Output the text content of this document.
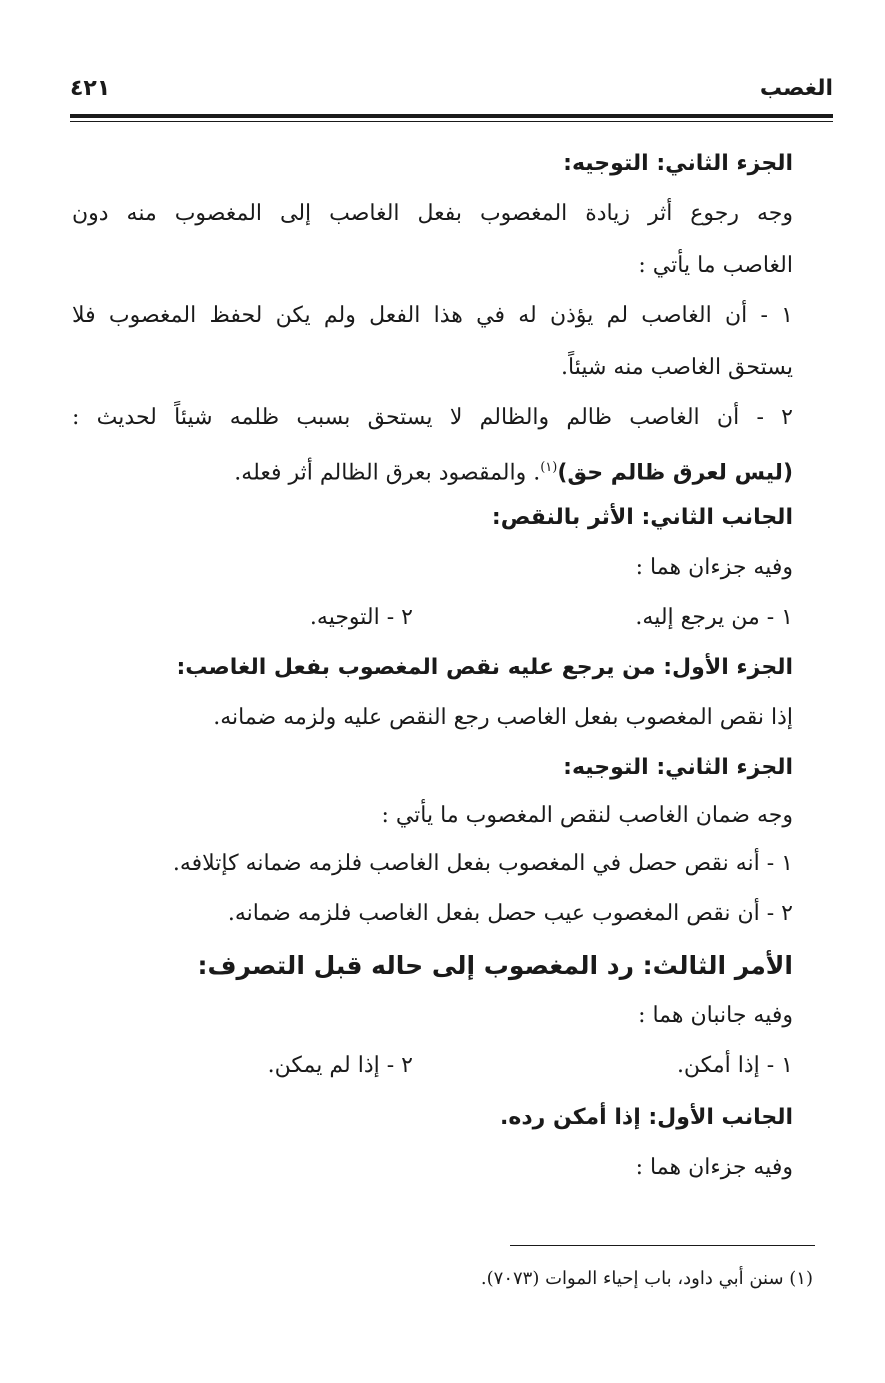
الغصب
٤٢١
الجزء الثاني: التوجيه:
وجه رجوع أثر زيادة المغصوب بفعل الغاصب إلى المغصوب منه دون
الغاصب ما يأتي :
١ - أن الغاصب لم يؤذن له في هذا الفعل ولم يكن لحفظ المغصوب فلا
يستحق الغاصب منه شيئاً.
٢ - أن الغاصب ظالم والظالم لا يستحق بسبب ظلمه شيئاً لحديث :
(ليس لعرق ظالم حق)$^{(١)}$. والمقصود بعرق الظالم أثر فعله.
الجانب الثاني: الأثر بالنقص:
وفيه جزءان هما :
١ - من يرجع إليه.
٢ - التوجيه.
الجزء الأول: من يرجع عليه نقص المغصوب بفعل الغاصب:
إذا نقص المغصوب بفعل الغاصب رجع النقص عليه ولزمه ضمانه.
الجزء الثاني: التوجيه:
وجه ضمان الغاصب لنقص المغصوب ما يأتي :
١ - أنه نقص حصل في المغصوب بفعل الغاصب فلزمه ضمانه كإتلافه.
٢ - أن نقص المغصوب عيب حصل بفعل الغاصب فلزمه ضمانه.
الأمر الثالث: رد المغصوب إلى حاله قبل التصرف:
وفيه جانبان هما :
١ - إذا أمكن.
٢ - إذا لم يمكن.
الجانب الأول: إذا أمكن رده.
وفيه جزءان هما :
(١) سنن أبي داود، باب إحياء الموات (٧٠٧٣).
